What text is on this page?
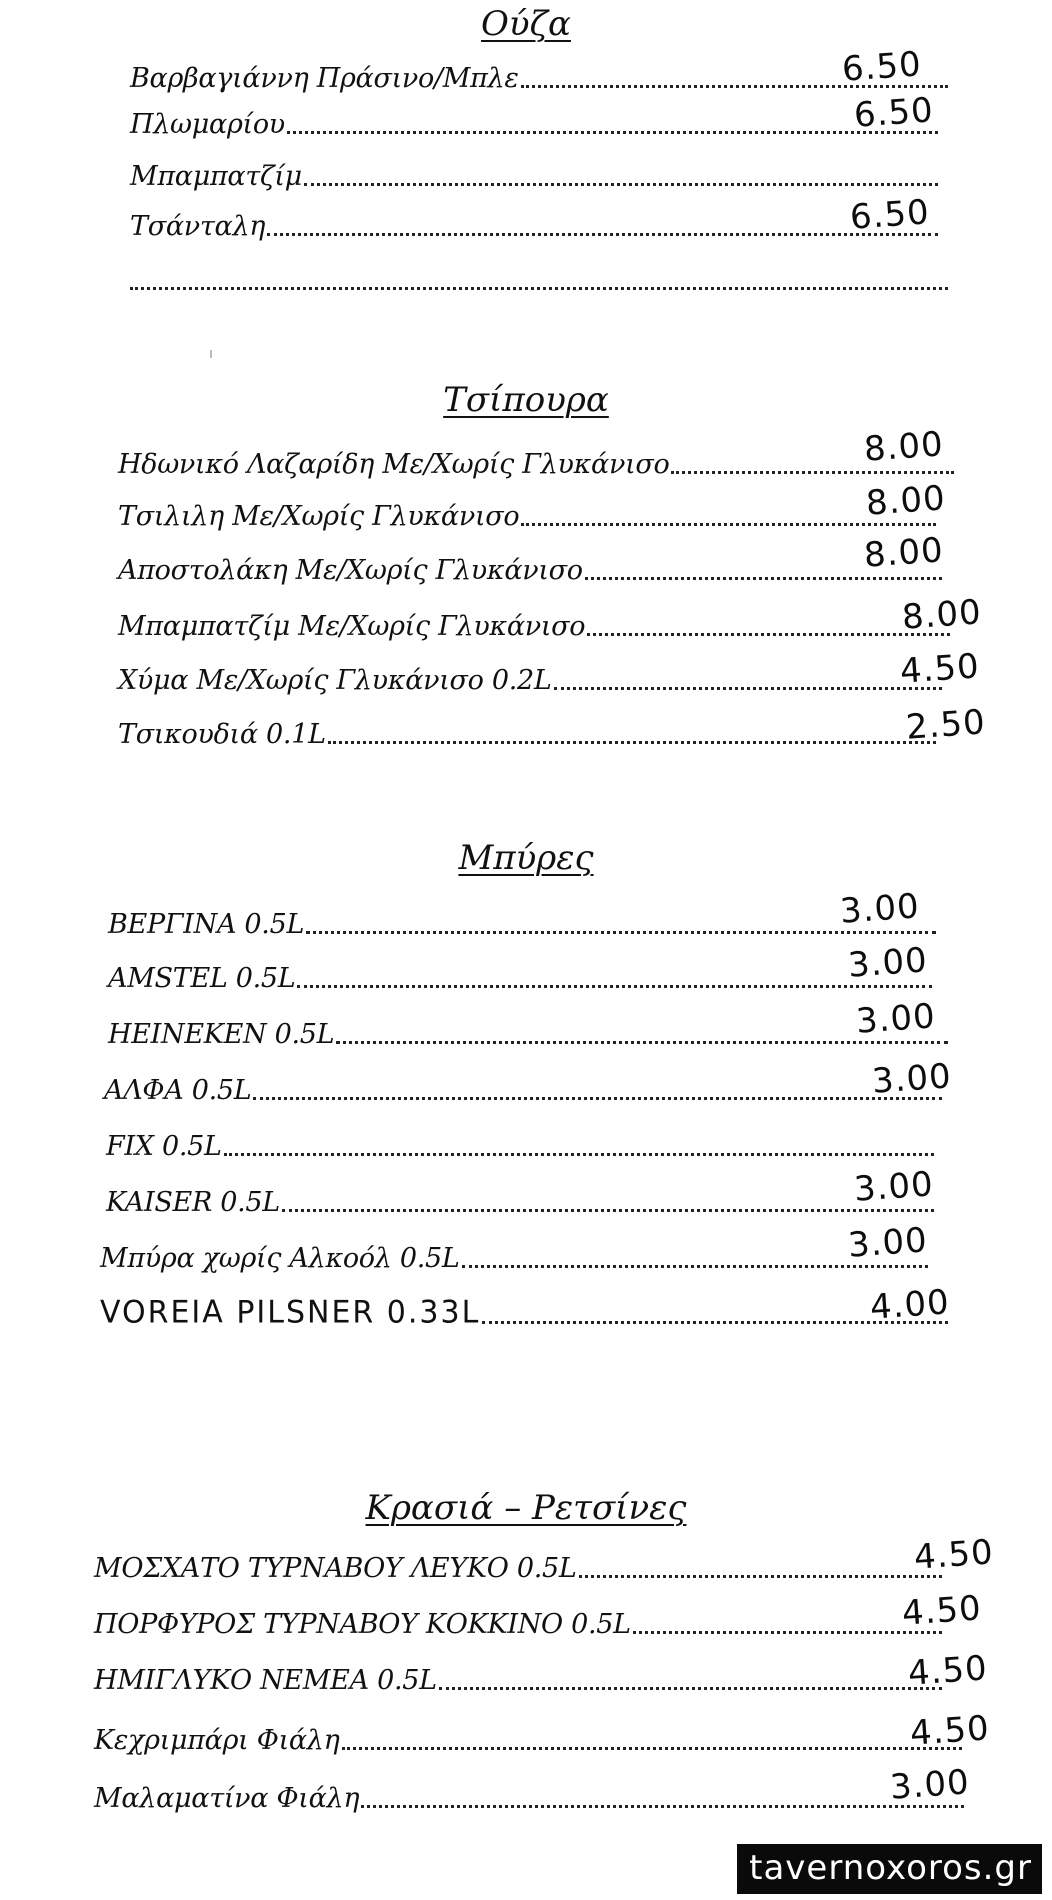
Ούζα
Βαρβαγιάννη Πράσινο/Μπλε	6.50
Πλωμαρίου	6.50
Μπαμπατζίμ
Τσάνταλη	6.50
Τσίπουρα
Ηδωνικό Λαζαρίδη Με/Χωρίς Γλυκάνισο	8.00
Τσιλιλη Με/Χωρίς Γλυκάνισο	8.00
Αποστολάκη Με/Χωρίς Γλυκάνισο	8.00
Μπαμπατζίμ Με/Χωρίς Γλυκάνισο	8.00
Χύμα Με/Χωρίς Γλυκάνισο 0.2L	4.50
Τσικουδιά 0.1L	2.50
Μπύρες
ΒΕΡΓΙΝΑ 0.5L	3.00
AMSTEL 0.5L	3.00
HEINEKEN 0.5L	3.00
ΑΛΦΑ 0.5L	3.00
FIX 0.5L
KAISER 0.5L	3.00
Μπύρα χωρίς Αλκοόλ 0.5L	3.00
VOREIA PILSNER 0.33L	4.00
Κρασιά – Ρετσίνες
ΜΟΣΧΑΤΟ ΤΥΡΝΑΒΟΥ ΛΕΥΚΟ 0.5L	4.50
ΠΟΡΦΥΡΟΣ ΤΥΡΝΑΒΟΥ ΚΟΚΚΙΝΟ 0.5L	4.50
ΗΜΙΓΛΥΚΟ ΝΕΜΕΑ 0.5L	4.50
Κεχριμπάρι Φιάλη	4.50
Μαλαματίνα Φιάλη	3.00
tavernoxoros.gr
